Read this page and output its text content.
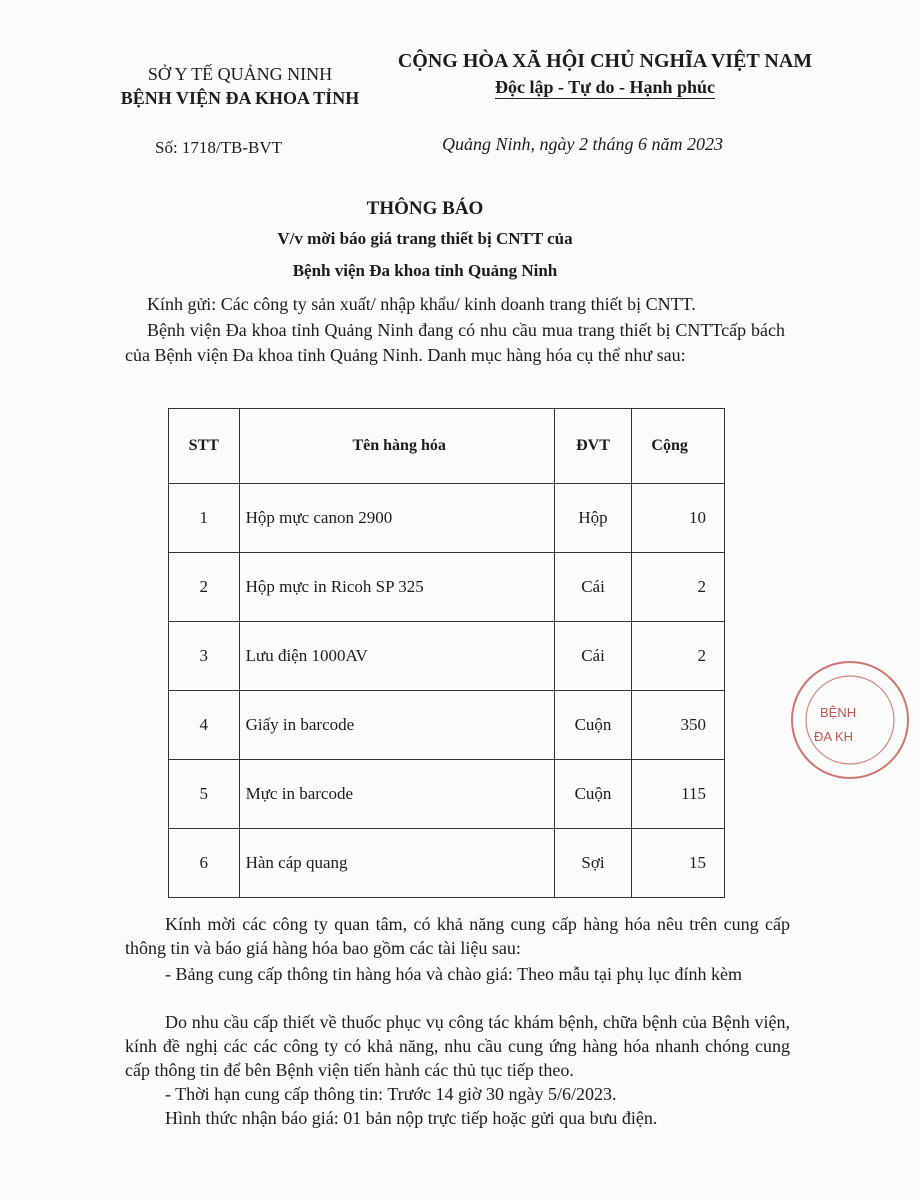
SỞ Y TẾ QUẢNG NINH
BỆNH VIỆN ĐA KHOA TỈNH
CỘNG HÒA XÃ HỘI CHỦ NGHĨA VIỆT NAM
Độc lập - Tự do - Hạnh phúc
Số: 1718/TB-BVT	Quảng Ninh, ngày 2 tháng 6 năm 2023
THÔNG BÁO
V/v mời báo giá trang thiết bị CNTT của
Bệnh viện Đa khoa tỉnh Quảng Ninh
Kính gửi: Các công ty sản xuất/ nhập khẩu/ kinh doanh trang thiết bị CNTT.
Bệnh viện Đa khoa tỉnh Quảng Ninh đang có nhu cầu mua trang thiết bị CNTTcấp bách của Bệnh viện Đa khoa tỉnh Quảng Ninh. Danh mục hàng hóa cụ thể như sau:
STT	Tên hàng hóa	ĐVT	Cộng
1	Hộp mực canon 2900	Hộp	10
2	Hộp mực in Ricoh SP 325	Cái	2
3	Lưu điện 1000AV	Cái	2
4	Giấy in barcode	Cuộn	350
5	Mực in barcode	Cuộn	115
6	Hàn cáp quang	Sợi	15
Kính mời các công ty quan tâm, có khả năng cung cấp hàng hóa nêu trên cung cấp thông tin và báo giá hàng hóa bao gồm các tài liệu sau:
- Bảng cung cấp thông tin hàng hóa và chào giá: Theo mẫu tại phụ lục đính kèm
Do nhu cầu cấp thiết về thuốc phục vụ công tác khám bệnh, chữa bệnh của Bệnh viện, kính đề nghị các các công ty có khả năng, nhu cầu cung ứng hàng hóa nhanh chóng cung cấp thông tin để bên Bệnh viện tiến hành các thủ tục tiếp theo.
- Thời hạn cung cấp thông tin: Trước 14 giờ 30 ngày 5/6/2023.
Hình thức nhận báo giá: 01 bản nộp trực tiếp hoặc gửi qua bưu điện.
BỆNH
ĐA KH
